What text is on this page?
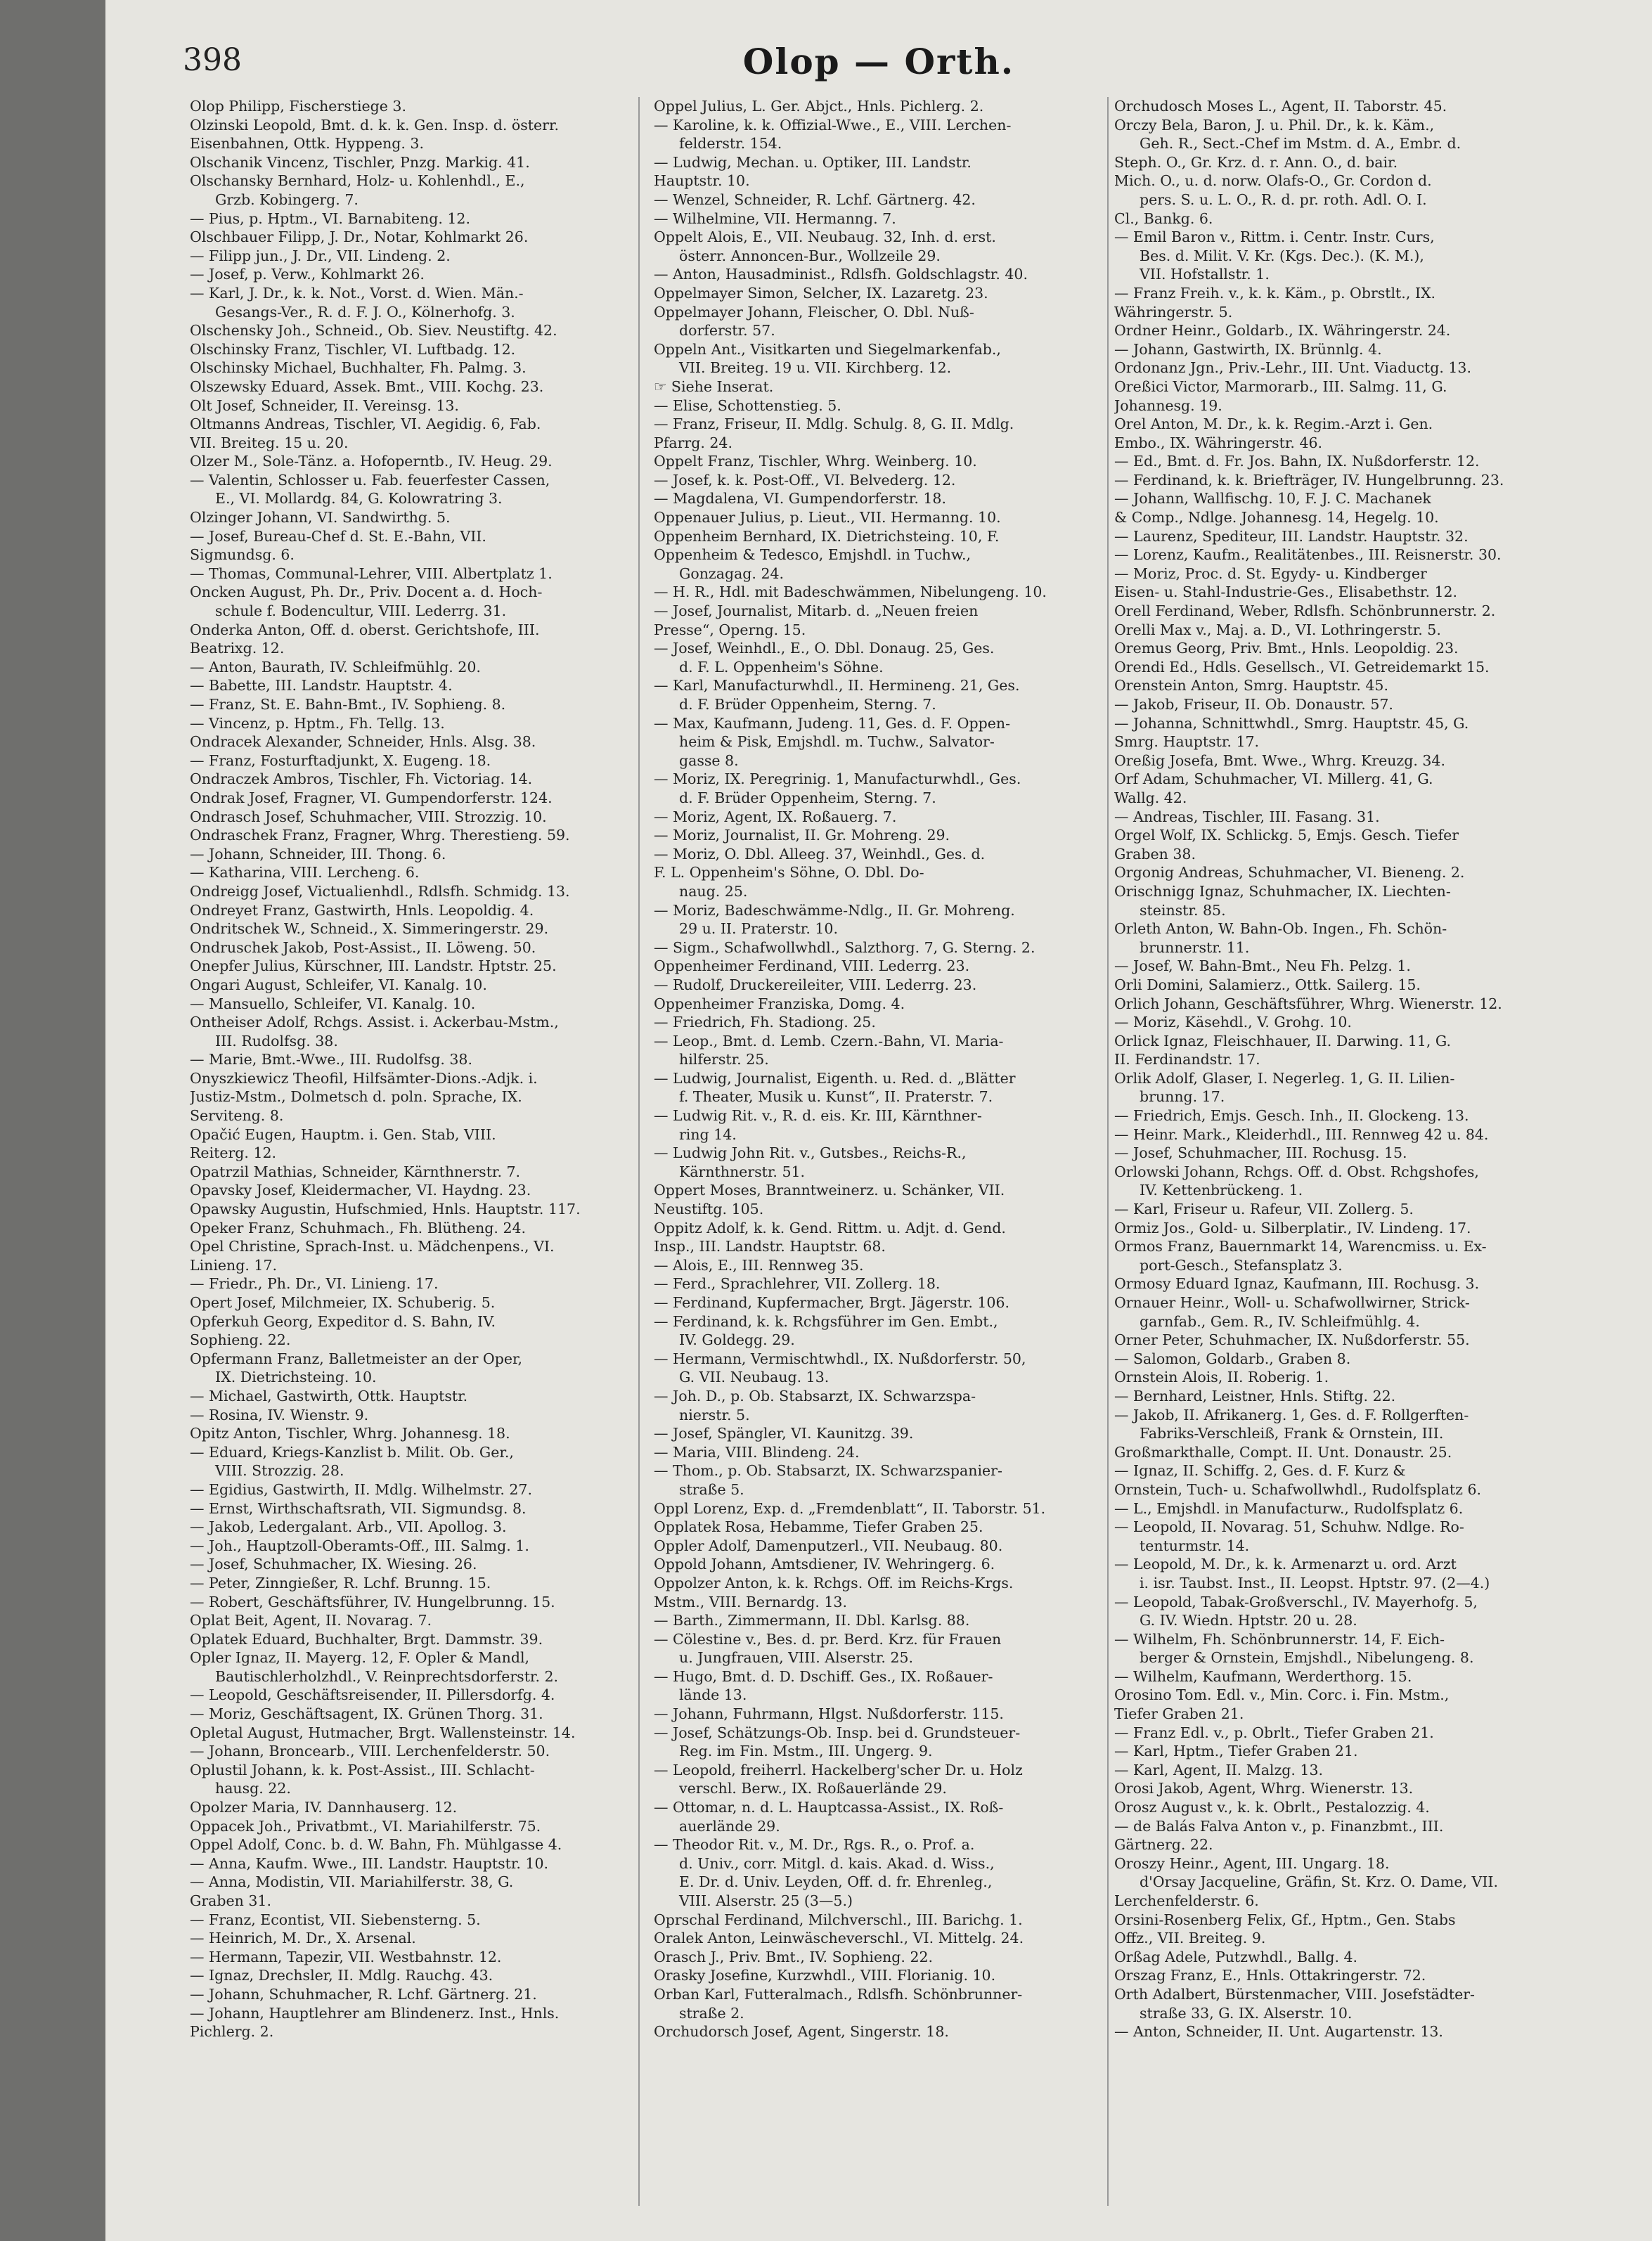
398	Olop — Orth.
Olop Philipp, Fischerstiege 3.
Olzinski Leopold, Bmt. d. k. k. Gen. Insp. d. österr.
Eisenbahnen, Ottk. Hyppeng. 3.
Olschanik Vincenz, Tischler, Pnzg. Markig. 41.
Olschansky Bernhard, Holz- u. Kohlenhdl., E.,
Grzb. Kobingerg. 7.
— Pius, p. Hptm., VI. Barnabiteng. 12.
Olschbauer Filipp, J. Dr., Notar, Kohlmarkt 26.
— Filipp jun., J. Dr., VII. Lindeng. 2.
— Josef, p. Verw., Kohlmarkt 26.
— Karl, J. Dr., k. k. Not., Vorst. d. Wien. Män.-
Gesangs-Ver., R. d. F. J. O., Kölnerhofg. 3.
Olschensky Joh., Schneid., Ob. Siev. Neustiftg. 42.
Olschinsky Franz, Tischler, VI. Luftbadg. 12.
Olschinsky Michael, Buchhalter, Fh. Palmg. 3.
Olszewsky Eduard, Assek. Bmt., VIII. Kochg. 23.
Olt Josef, Schneider, II. Vereinsg. 13.
Oltmanns Andreas, Tischler, VI. Aegidig. 6, Fab.
VII. Breiteg. 15 u. 20.
Olzer M., Sole-Tänz. a. Hofoperntb., IV. Heug. 29.
— Valentin, Schlosser u. Fab. feuerfester Cassen,
E., VI. Mollardg. 84, G. Kolowratring 3.
Olzinger Johann, VI. Sandwirthg. 5.
— Josef, Bureau-Chef d. St. E.-Bahn, VII.
Sigmundsg. 6.
— Thomas, Communal-Lehrer, VIII. Albertplatz 1.
Oncken August, Ph. Dr., Priv. Docent a. d. Hoch-
schule f. Bodencultur, VIII. Lederrg. 31.
Onderka Anton, Off. d. oberst. Gerichtshofe, III.
Beatrixg. 12.
— Anton, Baurath, IV. Schleifmühlg. 20.
— Babette, III. Landstr. Hauptstr. 4.
— Franz, St. E. Bahn-Bmt., IV. Sophieng. 8.
— Vincenz, p. Hptm., Fh. Tellg. 13.
Ondracek Alexander, Schneider, Hnls. Alsg. 38.
— Franz, Fosturftadjunkt, X. Eugeng. 18.
Ondraczek Ambros, Tischler, Fh. Victoriag. 14.
Ondrak Josef, Fragner, VI. Gumpendorferstr. 124.
Ondrasch Josef, Schuhmacher, VIII. Strozzig. 10.
Ondraschek Franz, Fragner, Whrg. Therestieng. 59.
— Johann, Schneider, III. Thong. 6.
— Katharina, VIII. Lercheng. 6.
Ondreigg Josef, Victualienhdl., Rdlsfh. Schmidg. 13.
Ondreyet Franz, Gastwirth, Hnls. Leopoldig. 4.
Ondritschek W., Schneid., X. Simmeringerstr. 29.
Ondruschek Jakob, Post-Assist., II. Löweng. 50.
Onepfer Julius, Kürschner, III. Landstr. Hptstr. 25.
Ongari August, Schleifer, VI. Kanalg. 10.
— Mansuello, Schleifer, VI. Kanalg. 10.
Ontheiser Adolf, Rchgs. Assist. i. Ackerbau-Mstm.,
III. Rudolfsg. 38.
— Marie, Bmt.-Wwe., III. Rudolfsg. 38.
Onyszkiewicz Theofil, Hilfsämter-Dions.-Adjk. i.
Justiz-Mstm., Dolmetsch d. poln. Sprache, IX.
Serviteng. 8.
Opačić Eugen, Hauptm. i. Gen. Stab, VIII.
Reiterg. 12.
Opatrzil Mathias, Schneider, Kärnthnerstr. 7.
Opavsky Josef, Kleidermacher, VI. Haydng. 23.
Opawsky Augustin, Hufschmied, Hnls. Hauptstr. 117.
Opeker Franz, Schuhmach., Fh. Blütheng. 24.
Opel Christine, Sprach-Inst. u. Mädchenpens., VI.
Linieng. 17.
— Friedr., Ph. Dr., VI. Linieng. 17.
Opert Josef, Milchmeier, IX. Schuberig. 5.
Opferkuh Georg, Expeditor d. S. Bahn, IV.
Sophieng. 22.
Opfermann Franz, Balletmeister an der Oper,
IX. Dietrichsteing. 10.
— Michael, Gastwirth, Ottk. Hauptstr.
— Rosina, IV. Wienstr. 9.
Opitz Anton, Tischler, Whrg. Johannesg. 18.
— Eduard, Kriegs-Kanzlist b. Milit. Ob. Ger.,
VIII. Strozzig. 28.
— Egidius, Gastwirth, II. Mdlg. Wilhelmstr. 27.
— Ernst, Wirthschaftsrath, VII. Sigmundsg. 8.
— Jakob, Ledergalant. Arb., VII. Apollog. 3.
— Joh., Hauptzoll-Oberamts-Off., III. Salmg. 1.
— Josef, Schuhmacher, IX. Wiesing. 26.
— Peter, Zinngießer, R. Lchf. Brunng. 15.
— Robert, Geschäftsführer, IV. Hungelbrunng. 15.
Oplat Beit, Agent, II. Novarag. 7.
Oplatek Eduard, Buchhalter, Brgt. Dammstr. 39.
Opler Ignaz, II. Mayerg. 12, F. Opler & Mandl,
Bautischlerholzhdl., V. Reinprechtsdorferstr. 2.
— Leopold, Geschäftsreisender, II. Pillersdorfg. 4.
— Moriz, Geschäftsagent, IX. Grünen Thorg. 31.
Opletal August, Hutmacher, Brgt. Wallensteinstr. 14.
— Johann, Broncearb., VIII. Lerchenfelderstr. 50.
Oplustil Johann, k. k. Post-Assist., III. Schlacht-
hausg. 22.
Opolzer Maria, IV. Dannhauserg. 12.
Oppacek Joh., Privatbmt., VI. Mariahilferstr. 75.
Oppel Adolf, Conc. b. d. W. Bahn, Fh. Mühlgasse 4.
— Anna, Kaufm. Wwe., III. Landstr. Hauptstr. 10.
— Anna, Modistin, VII. Mariahilferstr. 38, G.
Graben 31.
— Franz, Econtist, VII. Siebensterng. 5.
— Heinrich, M. Dr., X. Arsenal.
— Hermann, Tapezir, VII. Westbahnstr. 12.
— Ignaz, Drechsler, II. Mdlg. Rauchg. 43.
— Johann, Schuhmacher, R. Lchf. Gärtnerg. 21.
— Johann, Hauptlehrer am Blindenerz. Inst., Hnls.
Pichlerg. 2.
Oppel Julius, L. Ger. Abjct., Hnls. Pichlerg. 2.
— Karoline, k. k. Offizial-Wwe., E., VIII. Lerchen-
felderstr. 154.
— Ludwig, Mechan. u. Optiker, III. Landstr.
Hauptstr. 10.
— Wenzel, Schneider, R. Lchf. Gärtnerg. 42.
— Wilhelmine, VII. Hermanng. 7.
Oppelt Alois, E., VII. Neubaug. 32, Inh. d. erst.
österr. Annoncen-Bur., Wollzeile 29.
— Anton, Hausadminist., Rdlsfh. Goldschlagstr. 40.
Oppelmayer Simon, Selcher, IX. Lazaretg. 23.
Oppelmayer Johann, Fleischer, O. Dbl. Nuß-
dorferstr. 57.
Oppeln Ant., Visitkarten und Siegelmarkenfab.,
VII. Breiteg. 19 u. VII. Kirchberg. 12.
☞ Siehe Inserat.
— Elise, Schottenstieg. 5.
— Franz, Friseur, II. Mdlg. Schulg. 8, G. II. Mdlg.
Pfarrg. 24.
Oppelt Franz, Tischler, Whrg. Weinberg. 10.
— Josef, k. k. Post-Off., VI. Belvederg. 12.
— Magdalena, VI. Gumpendorferstr. 18.
Oppenauer Julius, p. Lieut., VII. Hermanng. 10.
Oppenheim Bernhard, IX. Dietrichsteing. 10, F.
Oppenheim & Tedesco, Emjshdl. in Tuchw.,
Gonzagag. 24.
— H. R., Hdl. mit Badeschwämmen, Nibelungeng. 10.
— Josef, Journalist, Mitarb. d. „Neuen freien
Presse“, Operng. 15.
— Josef, Weinhdl., E., O. Dbl. Donaug. 25, Ges.
d. F. L. Oppenheim's Söhne.
— Karl, Manufacturwhdl., II. Hermineng. 21, Ges.
d. F. Brüder Oppenheim, Sterng. 7.
— Max, Kaufmann, Judeng. 11, Ges. d. F. Oppen-
heim & Pisk, Emjshdl. m. Tuchw., Salvator-
gasse 8.
— Moriz, IX. Peregrinig. 1, Manufacturwhdl., Ges.
d. F. Brüder Oppenheim, Sterng. 7.
— Moriz, Agent, IX. Roßauerg. 7.
— Moriz, Journalist, II. Gr. Mohreng. 29.
— Moriz, O. Dbl. Alleeg. 37, Weinhdl., Ges. d.
F. L. Oppenheim's Söhne, O. Dbl. Do-
naug. 25.
— Moriz, Badeschwämme-Ndlg., II. Gr. Mohreng.
29 u. II. Praterstr. 10.
— Sigm., Schafwollwhdl., Salzthorg. 7, G. Sterng. 2.
Oppenheimer Ferdinand, VIII. Lederrg. 23.
— Rudolf, Druckereileiter, VIII. Lederrg. 23.
Oppenheimer Franziska, Domg. 4.
— Friedrich, Fh. Stadiong. 25.
— Leop., Bmt. d. Lemb. Czern.-Bahn, VI. Maria-
hilferstr. 25.
— Ludwig, Journalist, Eigenth. u. Red. d. „Blätter
f. Theater, Musik u. Kunst“, II. Praterstr. 7.
— Ludwig Rit. v., R. d. eis. Kr. III, Kärnthner-
ring 14.
— Ludwig John Rit. v., Gutsbes., Reichs-R.,
Kärnthnerstr. 51.
Oppert Moses, Branntweinerz. u. Schänker, VII.
Neustiftg. 105.
Oppitz Adolf, k. k. Gend. Rittm. u. Adjt. d. Gend.
Insp., III. Landstr. Hauptstr. 68.
— Alois, E., III. Rennweg 35.
— Ferd., Sprachlehrer, VII. Zollerg. 18.
— Ferdinand, Kupfermacher, Brgt. Jägerstr. 106.
— Ferdinand, k. k. Rchgsführer im Gen. Embt.,
IV. Goldegg. 29.
— Hermann, Vermischtwhdl., IX. Nußdorferstr. 50,
G. VII. Neubaug. 13.
— Joh. D., p. Ob. Stabsarzt, IX. Schwarzspa-
nierstr. 5.
— Josef, Spängler, VI. Kaunitzg. 39.
— Maria, VIII. Blindeng. 24.
— Thom., p. Ob. Stabsarzt, IX. Schwarzspanier-
straße 5.
Oppl Lorenz, Exp. d. „Fremdenblatt“, II. Taborstr. 51.
Opplatek Rosa, Hebamme, Tiefer Graben 25.
Oppler Adolf, Damenputzerl., VII. Neubaug. 80.
Oppold Johann, Amtsdiener, IV. Wehringerg. 6.
Oppolzer Anton, k. k. Rchgs. Off. im Reichs-Krgs.
Mstm., VIII. Bernardg. 13.
— Barth., Zimmermann, II. Dbl. Karlsg. 88.
— Cölestine v., Bes. d. pr. Berd. Krz. für Frauen
u. Jungfrauen, VIII. Alserstr. 25.
— Hugo, Bmt. d. D. Dschiff. Ges., IX. Roßauer-
lände 13.
— Johann, Fuhrmann, Hlgst. Nußdorferstr. 115.
— Josef, Schätzungs-Ob. Insp. bei d. Grundsteuer-
Reg. im Fin. Mstm., III. Ungerg. 9.
— Leopold, freiherrl. Hackelberg'scher Dr. u. Holz
verschl. Berw., IX. Roßauerlände 29.
— Ottomar, n. d. L. Hauptcassa-Assist., IX. Roß-
auerlände 29.
— Theodor Rit. v., M. Dr., Rgs. R., o. Prof. a.
d. Univ., corr. Mitgl. d. kais. Akad. d. Wiss.,
E. Dr. d. Univ. Leyden, Off. d. fr. Ehrenleg.,
VIII. Alserstr. 25 (3—5.)
Oprschal Ferdinand, Milchverschl., III. Barichg. 1.
Oralek Anton, Leinwäscheverschl., VI. Mittelg. 24.
Orasch J., Priv. Bmt., IV. Sophieng. 22.
Orasky Josefine, Kurzwhdl., VIII. Florianig. 10.
Orban Karl, Futteralmach., Rdlsfh. Schönbrunner-
straße 2.
Orchudorsch Josef, Agent, Singerstr. 18.
Orchudosch Moses L., Agent, II. Taborstr. 45.
Orczy Bela, Baron, J. u. Phil. Dr., k. k. Käm.,
Geh. R., Sect.-Chef im Mstm. d. A., Embr. d.
Steph. O., Gr. Krz. d. r. Ann. O., d. bair.
Mich. O., u. d. norw. Olafs-O., Gr. Cordon d.
pers. S. u. L. O., R. d. pr. roth. Adl. O. I.
Cl., Bankg. 6.
— Emil Baron v., Rittm. i. Centr. Instr. Curs,
Bes. d. Milit. V. Kr. (Kgs. Dec.). (K. M.),
VII. Hofstallstr. 1.
— Franz Freih. v., k. k. Käm., p. Obrstlt., IX.
Währingerstr. 5.
Ordner Heinr., Goldarb., IX. Währingerstr. 24.
— Johann, Gastwirth, IX. Brünnlg. 4.
Ordonanz Jgn., Priv.-Lehr., III. Unt. Viaductg. 13.
Oreßici Victor, Marmorarb., III. Salmg. 11, G.
Johannesg. 19.
Orel Anton, M. Dr., k. k. Regim.-Arzt i. Gen.
Embo., IX. Währingerstr. 46.
— Ed., Bmt. d. Fr. Jos. Bahn, IX. Nußdorferstr. 12.
— Ferdinand, k. k. Briefträger, IV. Hungelbrunng. 23.
— Johann, Wallfischg. 10, F. J. C. Machanek
& Comp., Ndlge. Johannesg. 14, Hegelg. 10.
— Laurenz, Spediteur, III. Landstr. Hauptstr. 32.
— Lorenz, Kaufm., Realitätenbes., III. Reisnerstr. 30.
— Moriz, Proc. d. St. Egydy- u. Kindberger
Eisen- u. Stahl-Industrie-Ges., Elisabethstr. 12.
Orell Ferdinand, Weber, Rdlsfh. Schönbrunnerstr. 2.
Orelli Max v., Maj. a. D., VI. Lothringerstr. 5.
Oremus Georg, Priv. Bmt., Hnls. Leopoldig. 23.
Orendi Ed., Hdls. Gesellsch., VI. Getreidemarkt 15.
Orenstein Anton, Smrg. Hauptstr. 45.
— Jakob, Friseur, II. Ob. Donaustr. 57.
— Johanna, Schnittwhdl., Smrg. Hauptstr. 45, G.
Smrg. Hauptstr. 17.
Oreßig Josefa, Bmt. Wwe., Whrg. Kreuzg. 34.
Orf Adam, Schuhmacher, VI. Millerg. 41, G.
Wallg. 42.
— Andreas, Tischler, III. Fasang. 31.
Orgel Wolf, IX. Schlickg. 5, Emjs. Gesch. Tiefer
Graben 38.
Orgonig Andreas, Schuhmacher, VI. Bieneng. 2.
Orischnigg Ignaz, Schuhmacher, IX. Liechten-
steinstr. 85.
Orleth Anton, W. Bahn-Ob. Ingen., Fh. Schön-
brunnerstr. 11.
— Josef, W. Bahn-Bmt., Neu Fh. Pelzg. 1.
Orli Domini, Salamierz., Ottk. Sailerg. 15.
Orlich Johann, Geschäftsführer, Whrg. Wienerstr. 12.
— Moriz, Käsehdl., V. Grohg. 10.
Orlick Ignaz, Fleischhauer, II. Darwing. 11, G.
II. Ferdinandstr. 17.
Orlik Adolf, Glaser, I. Negerleg. 1, G. II. Lilien-
brunng. 17.
— Friedrich, Emjs. Gesch. Inh., II. Glockeng. 13.
— Heinr. Mark., Kleiderhdl., III. Rennweg 42 u. 84.
— Josef, Schuhmacher, III. Rochusg. 15.
Orlowski Johann, Rchgs. Off. d. Obst. Rchgshofes,
IV. Kettenbrückeng. 1.
— Karl, Friseur u. Rafeur, VII. Zollerg. 5.
Ormiz Jos., Gold- u. Silberplatir., IV. Lindeng. 17.
Ormos Franz, Bauernmarkt 14, Warencmiss. u. Ex-
port-Gesch., Stefansplatz 3.
Ormosy Eduard Ignaz, Kaufmann, III. Rochusg. 3.
Ornauer Heinr., Woll- u. Schafwollwirner, Strick-
garnfab., Gem. R., IV. Schleifmühlg. 4.
Orner Peter, Schuhmacher, IX. Nußdorferstr. 55.
— Salomon, Goldarb., Graben 8.
Ornstein Alois, II. Roberig. 1.
— Bernhard, Leistner, Hnls. Stiftg. 22.
— Jakob, II. Afrikanerg. 1, Ges. d. F. Rollgerften-
Fabriks-Verschleiß, Frank & Ornstein, III.
Großmarkthalle, Compt. II. Unt. Donaustr. 25.
— Ignaz, II. Schiffg. 2, Ges. d. F. Kurz &
Ornstein, Tuch- u. Schafwollwhdl., Rudolfsplatz 6.
— L., Emjshdl. in Manufacturw., Rudolfsplatz 6.
— Leopold, II. Novarag. 51, Schuhw. Ndlge. Ro-
tenturmstr. 14.
— Leopold, M. Dr., k. k. Armenarzt u. ord. Arzt
i. isr. Taubst. Inst., II. Leopst. Hptstr. 97. (2—4.)
— Leopold, Tabak-Großverschl., IV. Mayerhofg. 5,
G. IV. Wiedn. Hptstr. 20 u. 28.
— Wilhelm, Fh. Schönbrunnerstr. 14, F. Eich-
berger & Ornstein, Emjshdl., Nibelungeng. 8.
— Wilhelm, Kaufmann, Werderthorg. 15.
Orosino Tom. Edl. v., Min. Corc. i. Fin. Mstm.,
Tiefer Graben 21.
— Franz Edl. v., p. Obrlt., Tiefer Graben 21.
— Karl, Hptm., Tiefer Graben 21.
— Karl, Agent, II. Malzg. 13.
Orosi Jakob, Agent, Whrg. Wienerstr. 13.
Orosz August v., k. k. Obrlt., Pestalozzig. 4.
— de Balás Falva Anton v., p. Finanzbmt., III.
Gärtnerg. 22.
Oroszy Heinr., Agent, III. Ungarg. 18.
d'Orsay Jacqueline, Gräfin, St. Krz. O. Dame, VII.
Lerchenfelderstr. 6.
Orsini-Rosenberg Felix, Gf., Hptm., Gen. Stabs
Offz., VII. Breiteg. 9.
Orßag Adele, Putzwhdl., Ballg. 4.
Orszag Franz, E., Hnls. Ottakringerstr. 72.
Orth Adalbert, Bürstenmacher, VIII. Josefstädter-
straße 33, G. IX. Alserstr. 10.
— Anton, Schneider, II. Unt. Augartenstr. 13.
